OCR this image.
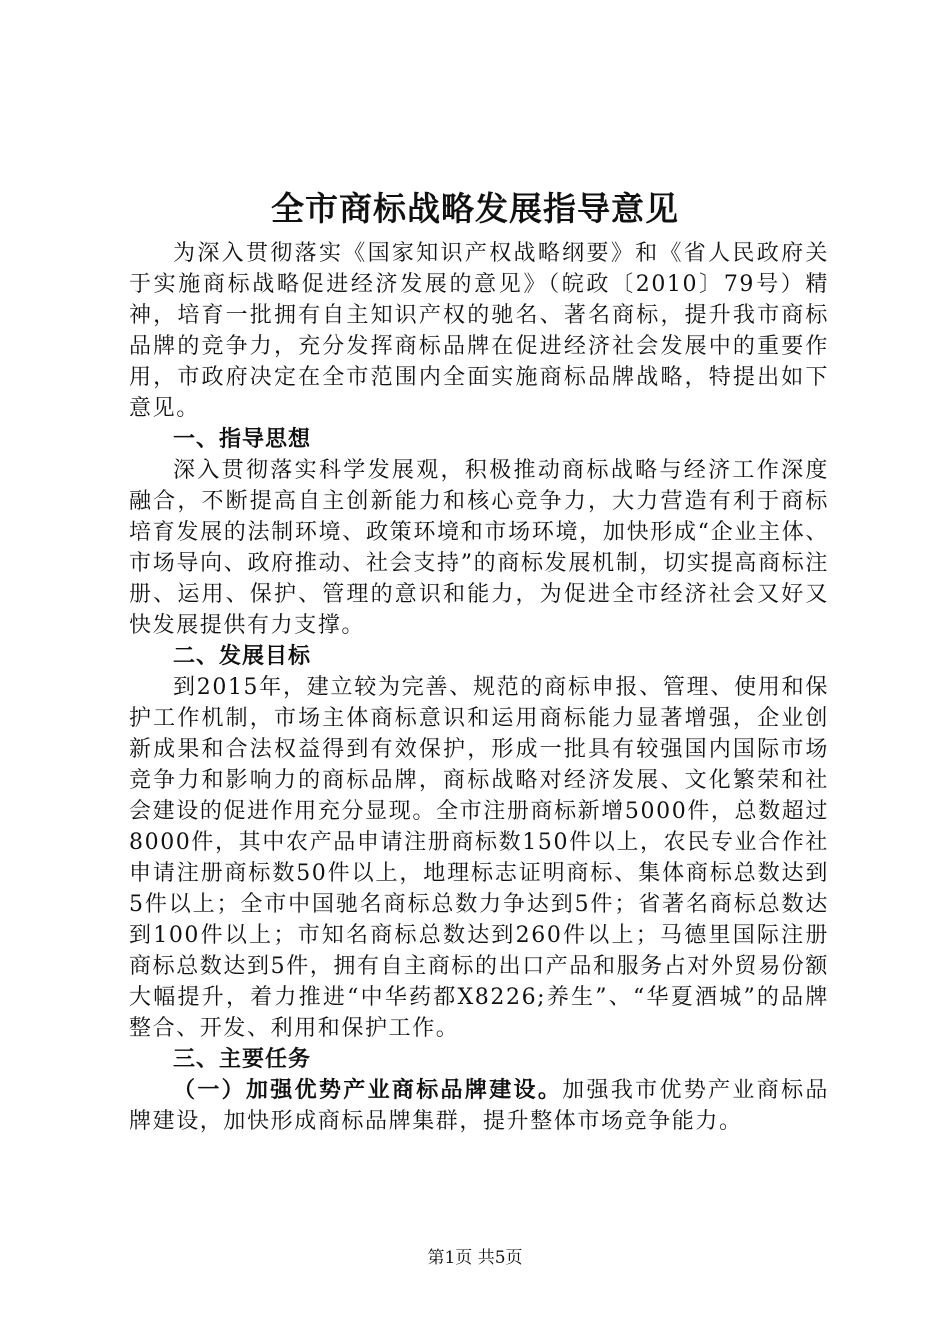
全市商标战略发展指导意见

为深入贯彻落实《国家知识产权战略纲要》和《省人民政府关于实施商标战略促进经济发展的意见》（皖政〔2010〕79号）精神，培育一批拥有自主知识产权的驰名、著名商标，提升我市商标品牌的竞争力，充分发挥商标品牌在促进经济社会发展中的重要作用，市政府决定在全市范围内全面实施商标品牌战略，特提出如下意见。

一、指导思想

深入贯彻落实科学发展观，积极推动商标战略与经济工作深度融合，不断提高自主创新能力和核心竞争力，大力营造有利于商标培育发展的法制环境、政策环境和市场环境，加快形成“企业主体、市场导向、政府推动、社会支持”的商标发展机制，切实提高商标注册、运用、保护、管理的意识和能力，为促进全市经济社会又好又快发展提供有力支撑。

二、发展目标

到2015年，建立较为完善、规范的商标申报、管理、使用和保护工作机制，市场主体商标意识和运用商标能力显著增强，企业创新成果和合法权益得到有效保护，形成一批具有较强国内国际市场竞争力和影响力的商标品牌，商标战略对经济发展、文化繁荣和社会建设的促进作用充分显现。全市注册商标新增5000件，总数超过8000件，其中农产品申请注册商标数150件以上，农民专业合作社申请注册商标数50件以上，地理标志证明商标、集体商标总数达到5件以上；全市中国驰名商标总数力争达到5件；省著名商标总数达到100件以上；市知名商标总数达到260件以上；马德里国际注册商标总数达到5件，拥有自主商标的出口产品和服务占对外贸易份额大幅提升，着力推进“中华药都X8226;养生”、“华夏酒城”的品牌整合、开发、利用和保护工作。

三、主要任务

（一）加强优势产业商标品牌建设。加强我市优势产业商标品牌建设，加快形成商标品牌集群，提升整体市场竞争能力。

第1页 共5页
